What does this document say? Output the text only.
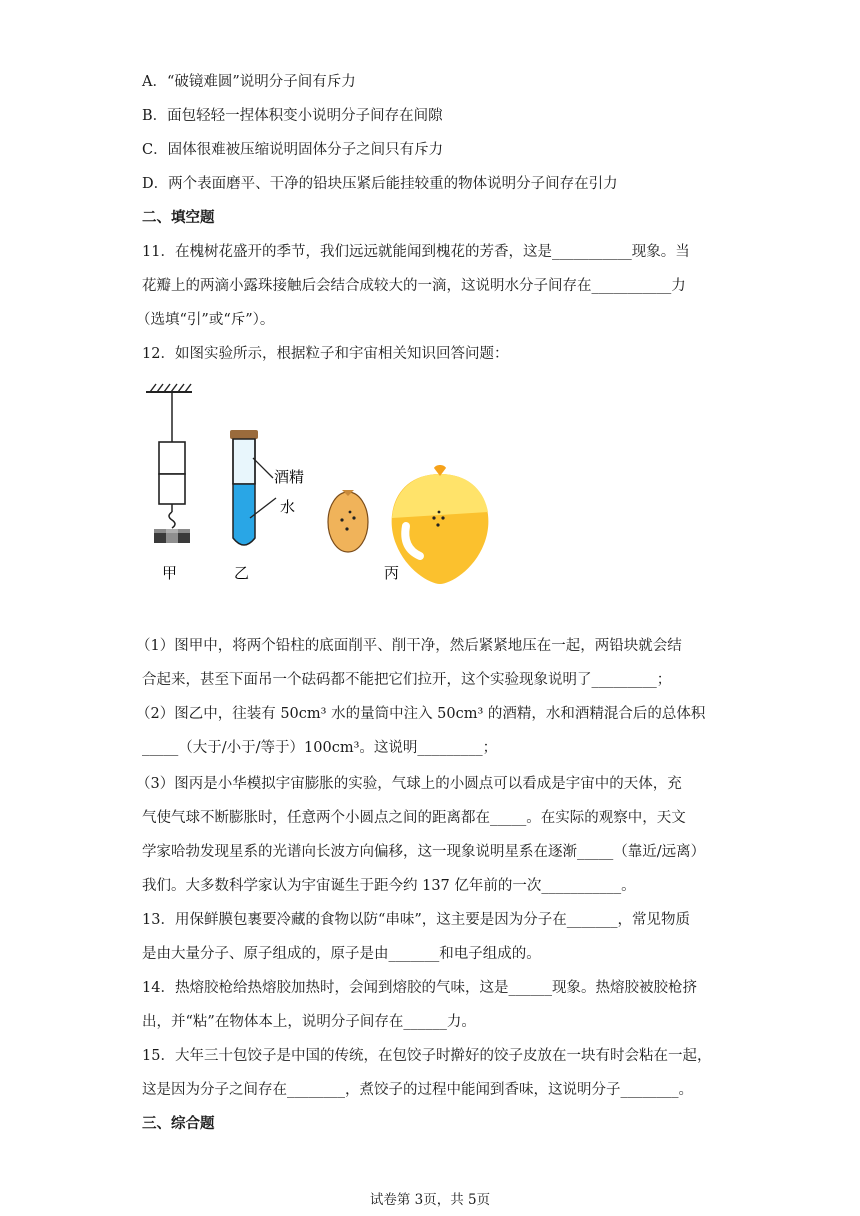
A．“破镜难圆”说明分子间有斥力
B．面包轻轻一捏体积变小说明分子间存在间隙
C．固体很难被压缩说明固体分子之间只有斥力
D．两个表面磨平、干净的铅块压紧后能挂较重的物体说明分子间存在引力
二、填空题
11．在槐树花盛开的季节，我们远远就能闻到槐花的芳香，这是___________现象。当
花瓣上的两滴小露珠接触后会结合成较大的一滴，这说明水分子间存在___________力
（选填“引”或“斥”）。
12．如图实验所示，根据粒子和宇宙相关知识回答问题：
酒精
水
甲	乙	丙
（1）图甲中，将两个铅柱的底面削平、削干净，然后紧紧地压在一起，两铅块就会结
合起来，甚至下面吊一个砝码都不能把它们拉开，这个实验现象说明了_________；
（2）图乙中，往装有 50cm³ 水的量筒中注入 50cm³ 的酒精，水和酒精混合后的总体积
_____（大于/小于/等于）100cm³。这说明_________；
（3）图丙是小华模拟宇宙膨胀的实验，气球上的小圆点可以看成是宇宙中的天体，充
气使气球不断膨胀时，任意两个小圆点之间的距离都在_____。在实际的观察中，天文
学家哈勃发现星系的光谱向长波方向偏移，这一现象说明星系在逐渐_____（靠近/远离）
我们。大多数科学家认为宇宙诞生于距今约 137 亿年前的一次___________。
13．用保鲜膜包裹要冷藏的食物以防“串味”，这主要是因为分子在_______，常见物质
是由大量分子、原子组成的，原子是由_______和电子组成的。
14．热熔胶枪给热熔胶加热时，会闻到熔胶的气味，这是______现象。热熔胶被胶枪挤
出，并“粘”在物体本上，说明分子间存在______力。
15．大年三十包饺子是中国的传统，在包饺子时擀好的饺子皮放在一块有时会粘在一起，
这是因为分子之间存在________，煮饺子的过程中能闻到香味，这说明分子________。
三、综合题
试卷第 3页，共 5页
